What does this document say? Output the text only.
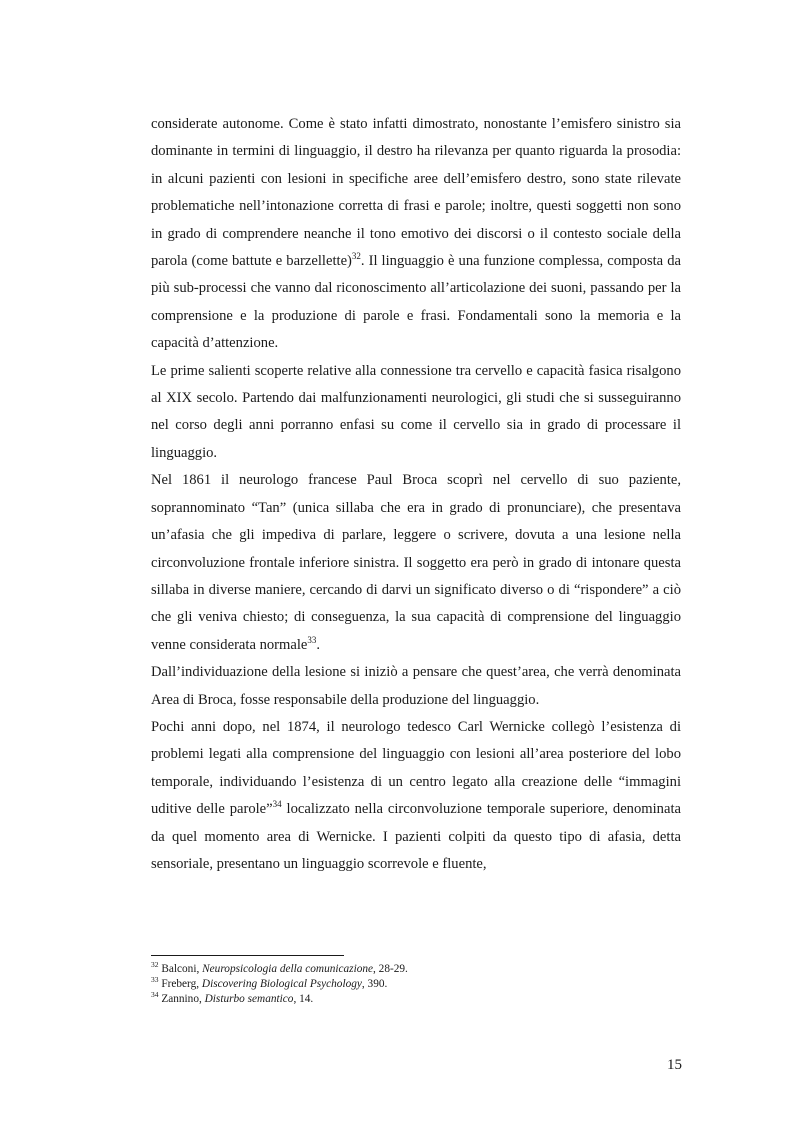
considerate autonome. Come è stato infatti dimostrato, nonostante l’emisfero sinistro sia dominante in termini di linguaggio, il destro ha rilevanza per quanto riguarda la prosodia: in alcuni pazienti con lesioni in specifiche aree dell’emisfero destro, sono state rilevate problematiche nell’intonazione corretta di frasi e parole; inoltre, questi soggetti non sono in grado di comprendere neanche il tono emotivo dei discorsi o il contesto sociale della parola (come battute e barzellette)$^{32}$. Il linguaggio è una funzione complessa, composta da più sub-processi che vanno dal riconoscimento all’articolazione dei suoni, passando per la comprensione e la produzione di parole e frasi. Fondamentali sono la memoria e la capacità d’attenzione.

Le prime salienti scoperte relative alla connessione tra cervello e capacità fasica risalgono al XIX secolo. Partendo dai malfunzionamenti neurologici, gli studi che si susseguiranno nel corso degli anni porranno enfasi su come il cervello sia in grado di processare il linguaggio.

Nel 1861 il neurologo francese Paul Broca scoprì nel cervello di suo paziente, soprannominato “Tan” (unica sillaba che era in grado di pronunciare), che presentava un’afasia che gli impediva di parlare, leggere o scrivere, dovuta a una lesione nella circonvoluzione frontale inferiore sinistra. Il soggetto era però in grado di intonare questa sillaba in diverse maniere, cercando di darvi un significato diverso o di “rispondere” a ciò che gli veniva chiesto; di conseguenza, la sua capacità di comprensione del linguaggio venne considerata normale$^{33}$.

Dall’individuazione della lesione si iniziò a pensare che quest’area, che verrà denominata Area di Broca, fosse responsabile della produzione del linguaggio.

Pochi anni dopo, nel 1874, il neurologo tedesco Carl Wernicke collegò l’esistenza di problemi legati alla comprensione del linguaggio con lesioni all’area posteriore del lobo temporale, individuando l’esistenza di un centro legato alla creazione delle “immagini uditive delle parole”$^{34}$ localizzato nella circonvoluzione temporale superiore, denominata da quel momento area di Wernicke. I pazienti colpiti da questo tipo di afasia, detta sensoriale, presentano un linguaggio scorrevole e fluente,

$^{32}$ Balconi, Neuropsicologia della comunicazione, 28-29.

$^{33}$ Freberg, Discovering Biological Psychology, 390.

$^{34}$ Zannino, Disturbo semantico, 14.

15
